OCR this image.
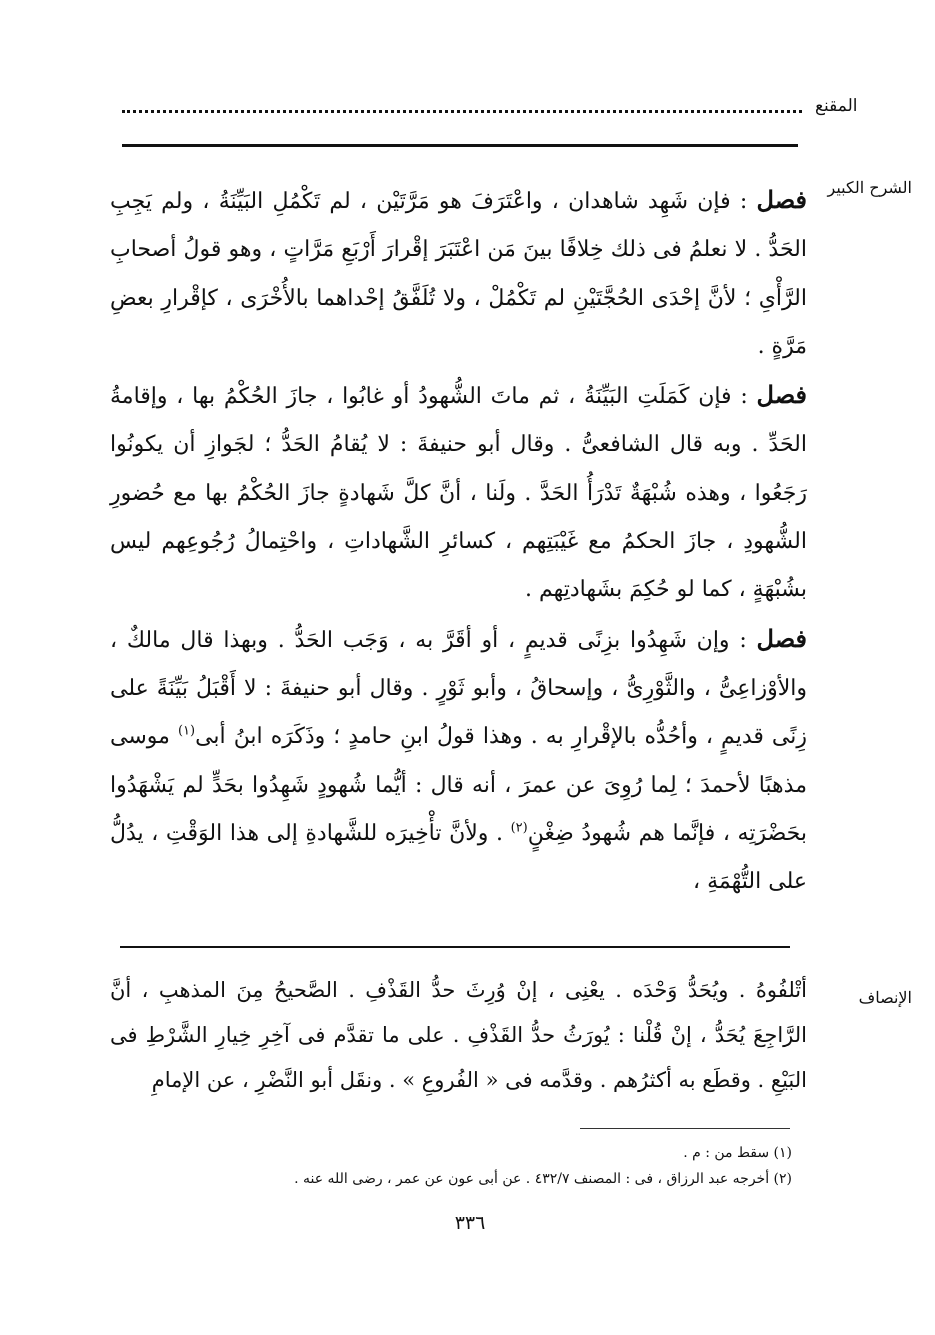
المقنع
الشرح الكبير
الإنصاف

فصل : فإن شَهِد شاهدان ، واعْتَرَفَ هو مَرَّتَيْن ، لم تَكْمُلِ البَيِّنَةُ ، ولم يَجِبِ الحَدُّ . لا نعلمُ فى ذلك خِلافًا بينَ مَن اعْتَبَرَ إقْرارَ أَرْبَعِ مَرَّاتٍ ، وهو قولُ أصحابِ الرَّأْىِ ؛ لأنَّ إحْدَى الحُجَّتَيْنِ لم تَكْمُلْ ، ولا تُلَفَّقُ إحْداهما بالأُخْرَى ، كإقْرارِ بعضِ مَرَّةٍ .

فصل : فإن كَمَلَتِ البَيِّنَةُ ، ثم ماتَ الشُّهودُ أو غابُوا ، جازَ الحُكْمُ بها ، وإقامةُ الحَدِّ . وبه قال الشافعىُّ . وقال أبو حنيفةَ : لا يُقامُ الحَدُّ ؛ لجَوازِ أن يكونُوا رَجَعُوا ، وهذه شُبْهَةٌ تَدْرَأُ الحَدَّ . ولَنا ، أنَّ كلَّ شَهادةٍ جازَ الحُكْمُ بها مع حُضورِ الشُّهودِ ، جازَ الحكمُ مع غَيْبَتِهم ، كسائرِ الشَّهاداتِ ، واحْتِمالُ رُجُوعِهم ليس بشُبْهَةٍ ، كما لو حُكِمَ بشَهادتِهم .

فصل : وإن شَهِدُوا بزِنًى قديمٍ ، أو أقَرَّ به ، وَجَب الحَدُّ . وبهذا قال مالكٌ ، والأوْزاعِىُّ ، والثَّوْرِىُّ ، وإسحاقُ ، وأبو ثَوْرٍ . وقال أبو حنيفةَ : لا أَقْبَلُ بَيِّنَةً على زِنًى قديمٍ ، وأحُدُّه بالإقْرارِ به . وهذا قولُ ابنِ حامدٍ ؛ وذَكَرَه ابنُ أبى$^{(١)}$ موسى مذهبًا لأحمدَ ؛ لِما رُوِىَ عن عمرَ ، أنه قال : أيُّما شُهودٍ شَهِدُوا بحَدٍّ لم يَشْهَدُوا بحَضْرَتِه ، فإنَّما هم شُهودُ ضِغْنٍ$^{(٢)}$ . ولأنَّ تأْخِيرَه للشَّهادةِ إلى هذا الوَقْتِ ، يدُلُّ على التُّهْمَةِ ،

أتْلفُوهُ . ويُحَدُّ وَحْدَه . يعْنِى ، إنْ وُرِثَ حدُّ القَذْفِ . الصَّحيحُ مِنَ المذهبِ ، أنَّ الرَّاجِعَ يُحَدُّ ، إنْ قُلْنا : يُورَثُ حدُّ القَذْفِ . على ما تقدَّم فى آخِرِ خِيارِ الشَّرْطِ فى البَيْعِ . وقطَع به أكثرُهم . وقدَّمه فى « الفُروعِ » . ونقَل أبو النَّضْرِ ، عن الإمامِ
(١) سقط من : م .
(٢) أخرجه عبد الرزاق ، فى : المصنف ٤٣٢/٧ . عن أبى عون عن عمر ، رضى الله عنه .
٣٣٦
